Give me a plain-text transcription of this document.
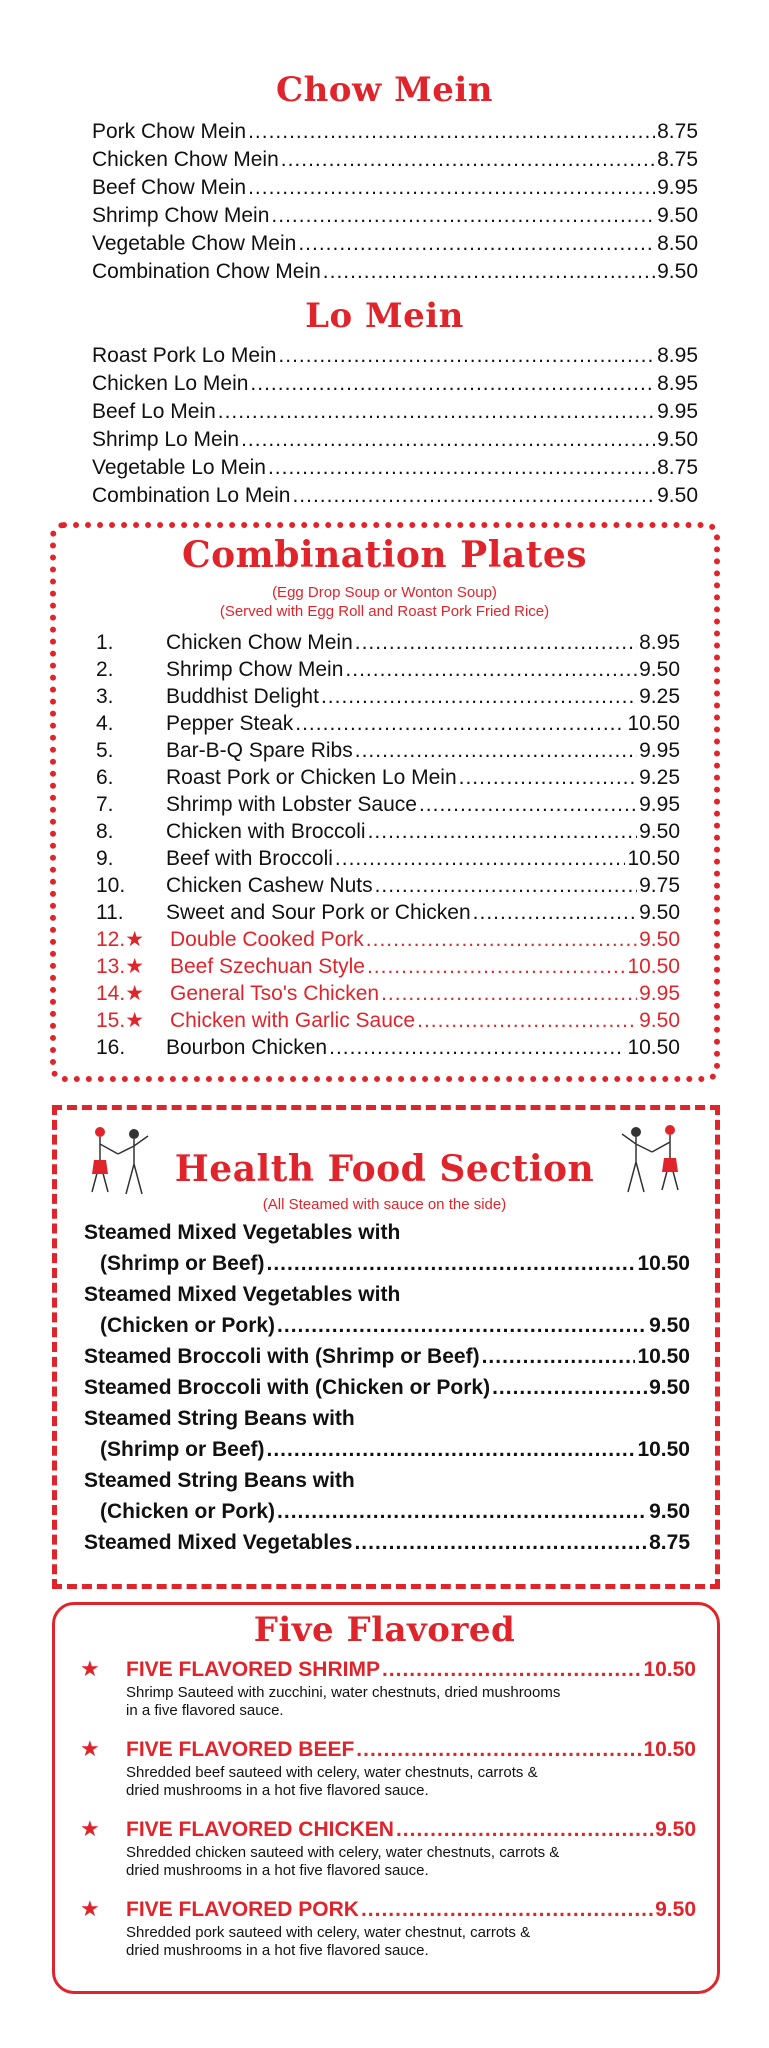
Chow Mein
Pork Chow Mein .....	8.75
Chicken Chow Mein .....	8.75
Beef Chow Mein .....	9.95
Shrimp Chow Mein .....	9.50
Vegetable Chow Mein .....	8.50
Combination Chow Mein .....	9.50
Lo Mein
Roast Pork Lo Mein .....	8.95
Chicken Lo Mein .....	8.95
Beef Lo Mein .....	9.95
Shrimp Lo Mein .....	9.50
Vegetable Lo Mein .....	8.75
Combination Lo Mein .....	9.50
Combination Plates
(Egg Drop Soup or Wonton Soup)
(Served with Egg Roll and Roast Pork Fried Rice)
1.	Chicken Chow Mein .....	8.95
2.	Shrimp Chow Mein .....	9.50
3.	Buddhist Delight .....	9.25
4.	Pepper Steak .....	10.50
5.	Bar-B-Q Spare Ribs .....	9.95
6.	Roast Pork or Chicken Lo Mein .....	9.25
7.	Shrimp with Lobster Sauce .....	9.95
8.	Chicken with Broccoli .....	9.50
9.	Beef with Broccoli .....	10.50
10.	Chicken Cashew Nuts .....	9.75
11.	Sweet and Sour Pork or Chicken .....	9.50
12.★	Double Cooked Pork .....	9.50
13.★	Beef Szechuan Style .....	10.50
14.★	General Tso's Chicken .....	9.95
15.★	Chicken with Garlic Sauce .....	9.50
16.	Bourbon Chicken .....	10.50
Health Food Section
(All Steamed with sauce on the side)
Steamed Mixed Vegetables with
(Shrimp or Beef) .....	10.50
Steamed Mixed Vegetables with
(Chicken or Pork) .....	9.50
Steamed Broccoli with (Shrimp or Beef) .....	10.50
Steamed Broccoli with (Chicken or Pork) .....	9.50
Steamed String Beans with
(Shrimp or Beef) .....	10.50
Steamed String Beans with
(Chicken or Pork) .....	9.50
Steamed Mixed Vegetables .....	8.75
Five Flavored
★ FIVE FLAVORED SHRIMP .....	10.50
Shrimp Sauteed with zucchini, water chestnuts, dried mushrooms
in a five flavored sauce.
★ FIVE FLAVORED BEEF .....	10.50
Shredded beef sauteed with celery, water chestnuts, carrots &
dried mushrooms in a hot five flavored sauce.
★ FIVE FLAVORED CHICKEN .....	9.50
Shredded chicken sauteed with celery, water chestnuts, carrots &
dried mushrooms in a hot five flavored sauce.
★ FIVE FLAVORED PORK .....	9.50
Shredded pork sauteed with celery, water chestnut, carrots &
dried mushrooms in a hot five flavored sauce.
